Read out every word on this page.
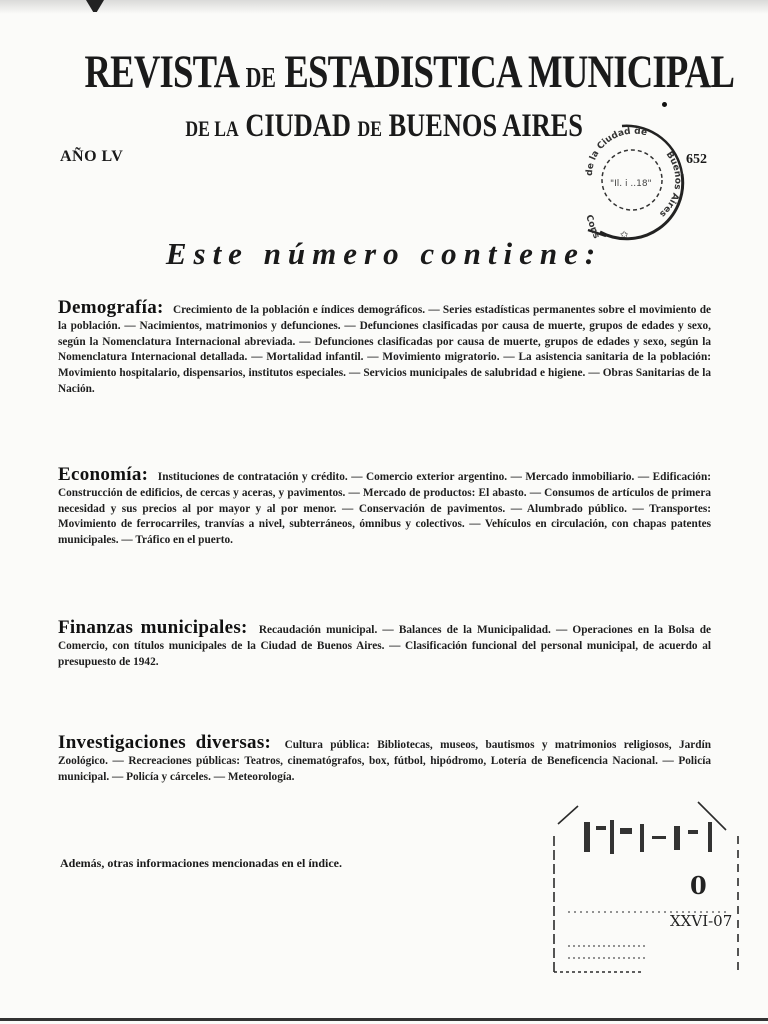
REVISTA DE ESTADISTICA MUNICIPAL
DE LA CIUDAD DE BUENOS AIRES
AÑO LV
de la Ciudad de
Buenos Aires
Cons
"Il. i ..18"
✩
652
Este número contiene:
Demografía: Crecimiento de la población e índices demográficos. — Series estadísticas permanentes sobre el movimiento de la población. — Nacimientos, matrimonios y defunciones. — Defunciones clasificadas por causa de muerte, grupos de edades y sexo, según la Nomenclatura Internacional abreviada. — Defunciones clasificadas por causa de muerte, grupos de edades y sexo, según la Nomenclatura Internacional detallada. — Mortalidad infantil. — Movimiento migratorio. — La asistencia sanitaria de la población: Movimiento hospitalario, dispensarios, institutos especiales. — Servicios municipales de salubridad e higiene. — Obras Sanitarias de la Nación.
Economía: Instituciones de contratación y crédito. — Comercio exterior argentino. — Mercado inmobiliario. — Edificación: Construcción de edificios, de cercas y aceras, y pavimentos. — Mercado de productos: El abasto. — Consumos de artículos de primera necesidad y sus precios al por mayor y al por menor. — Conservación de pavimentos. — Alumbrado público. — Transportes: Movimiento de ferrocarriles, tranvías a nivel, subterráneos, ómnibus y colectivos. — Vehículos en circulación, con chapas patentes municipales. — Tráfico en el puerto.
Finanzas municipales: Recaudación municipal. — Balances de la Municipalidad. — Operaciones en la Bolsa de Comercio, con títulos municipales de la Ciudad de Buenos Aires. — Clasificación funcional del personal municipal, de acuerdo al presupuesto de 1942.
Investigaciones diversas: Cultura pública: Bibliotecas, museos, bautismos y matrimonios religiosos, Jardín Zoológico. — Recreaciones públicas: Teatros, cinematógrafos, box, fútbol, hipódromo, Lotería de Beneficencia Nacional. — Policía municipal. — Policía y cárceles. — Meteorología.
Además, otras informaciones mencionadas en el índice.
0
XXVI-07
